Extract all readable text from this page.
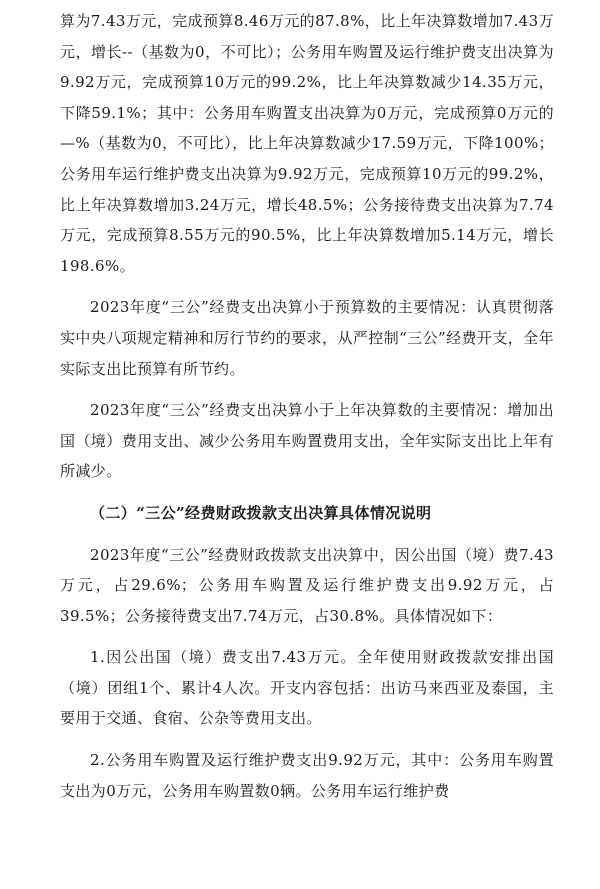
算为7.43万元，完成预算8.46万元的87.8%，比上年决算数增加7.43万元，增长--（基数为0，不可比）；公务用车购置及运行维护费支出决算为9.92万元，完成预算10万元的99.2%，比上年决算数减少14.35万元，下降59.1%；其中：公务用车购置支出决算为0万元，完成预算0万元的—%（基数为0，不可比），比上年决算数减少17.59万元，下降100%；公务用车运行维护费支出决算为9.92万元，完成预算10万元的99.2%，比上年决算数增加3.24万元，增长48.5%；公务接待费支出决算为7.74万元，完成预算8.55万元的90.5%，比上年决算数增加5.14万元，增长198.6%。

2023年度“三公”经费支出决算小于预算数的主要情况：认真贯彻落实中央八项规定精神和厉行节约的要求，从严控制“三公”经费开支，全年实际支出比预算有所节约。

2023年度“三公”经费支出决算小于上年决算数的主要情况：增加出国（境）费用支出、减少公务用车购置费用支出，全年实际支出比上年有所减少。

（二）“三公”经费财政拨款支出决算具体情况说明

2023年度“三公”经费财政拨款支出决算中，因公出国（境）费7.43万元，占29.6%；公务用车购置及运行维护费支出9.92万元，占39.5%；公务接待费支出7.74万元，占30.8%。具体情况如下：

1.因公出国（境）费支出7.43万元。全年使用财政拨款安排出国（境）团组1个、累计4人次。开支内容包括：出访马来西亚及泰国，主要用于交通、食宿、公杂等费用支出。

2.公务用车购置及运行维护费支出9.92万元，其中：公务用车购置支出为0万元，公务用车购置数0辆。公务用车运行维护费
